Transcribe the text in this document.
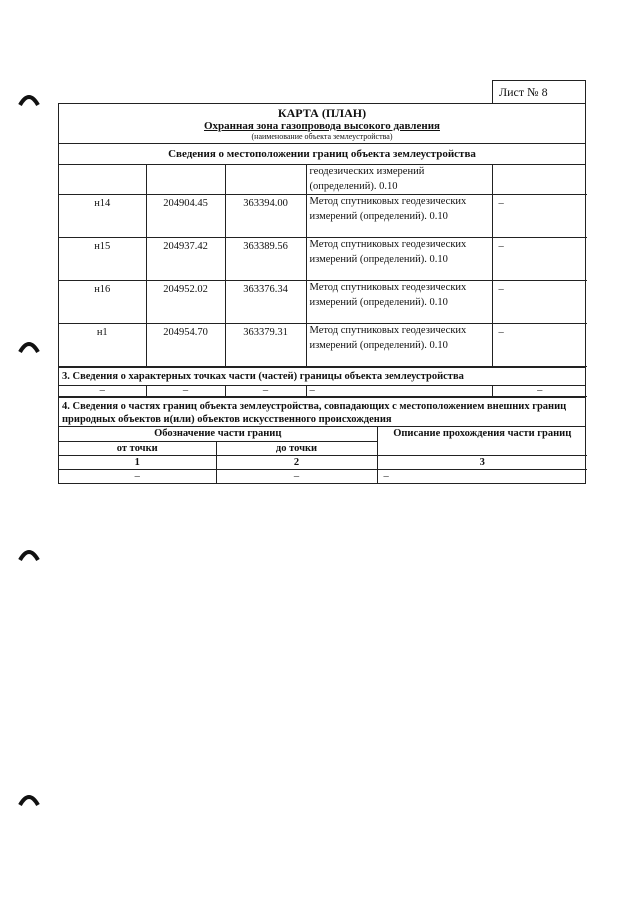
Лист № 8
КАРТА (ПЛАН)
Охранная зона газопровода высокого давления
(наименование объекта землеустройства)
Сведения о местоположении границ объекта землеустройства
			геодезических измерений (определений). 0.10	
н14	204904.45	363394.00	Метод спутниковых геодезических измерений (определений). 0.10	–
н15	204937.42	363389.56	Метод спутниковых геодезических измерений (определений). 0.10	–
н16	204952.02	363376.34	Метод спутниковых геодезических измерений (определений). 0.10	–
н1	204954.70	363379.31	Метод спутниковых геодезических измерений (определений). 0.10	–
3. Сведения о характерных точках части (частей) границы объекта землеустройства
–	–	–	–	–
4. Сведения о частях границ объекта землеустройства, совпадающих с местоположением внешних границ природных объектов и(или) объектов искусственного происхождения
Обозначение части границ		Описание прохождения части границ
от точки	до точки	
1	2	3
–	–	–
